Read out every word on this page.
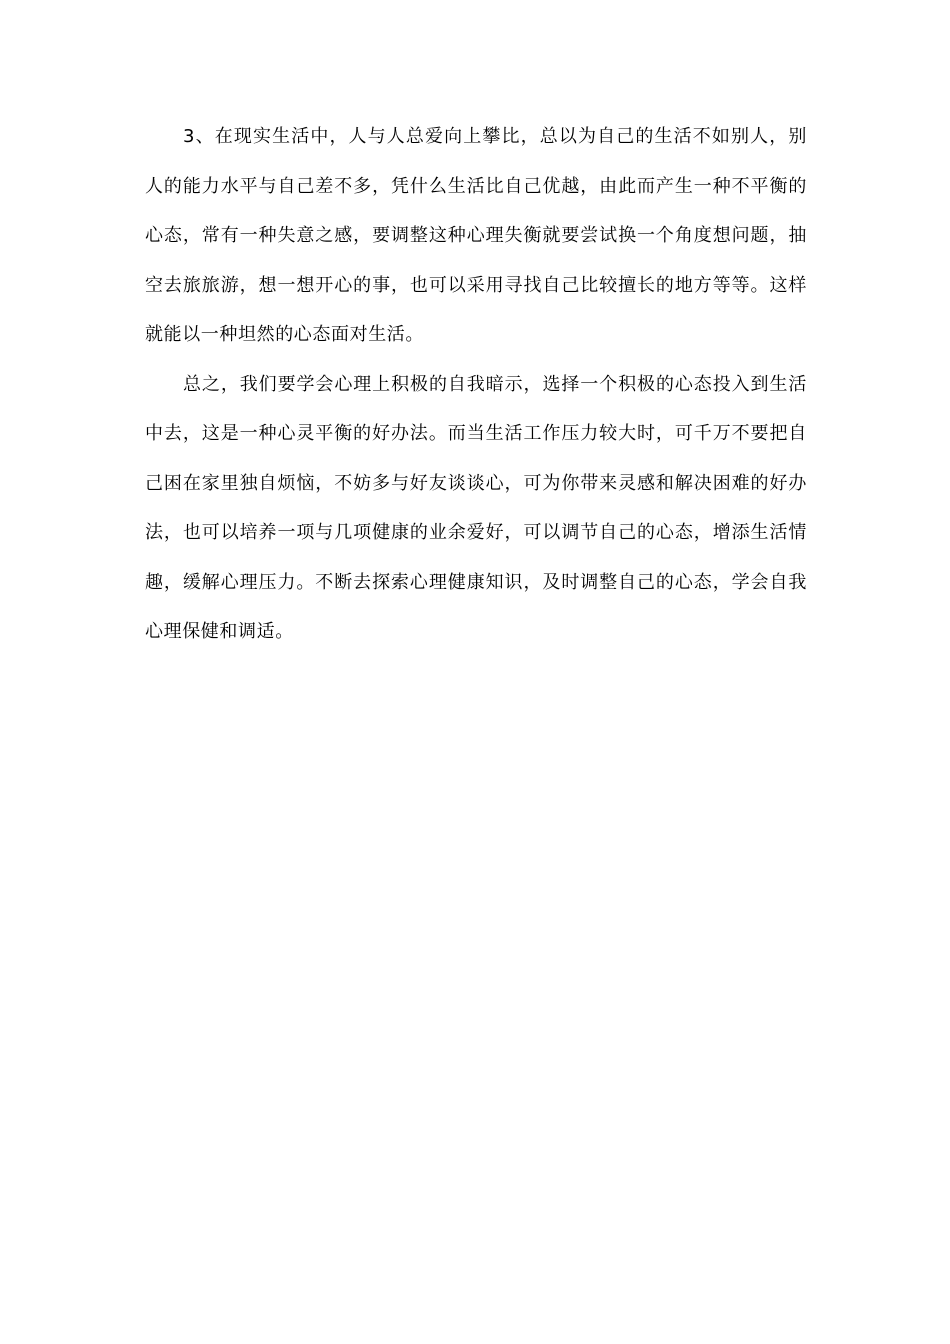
3、在现实生活中，人与人总爱向上攀比，总以为自己的生活不如别人，别人的能力水平与自己差不多，凭什么生活比自己优越，由此而产生一种不平衡的心态，常有一种失意之感，要调整这种心理失衡就要尝试换一个角度想问题，抽空去旅旅游，想一想开心的事，也可以采用寻找自己比较擅长的地方等等。这样就能以一种坦然的心态面对生活。

总之，我们要学会心理上积极的自我暗示，选择一个积极的心态投入到生活中去，这是一种心灵平衡的好办法。而当生活工作压力较大时，可千万不要把自己困在家里独自烦恼，不妨多与好友谈谈心，可为你带来灵感和解决困难的好办法，也可以培养一项与几项健康的业余爱好，可以调节自己的心态，增添生活情趣，缓解心理压力。不断去探索心理健康知识，及时调整自己的心态，学会自我心理保健和调适。
